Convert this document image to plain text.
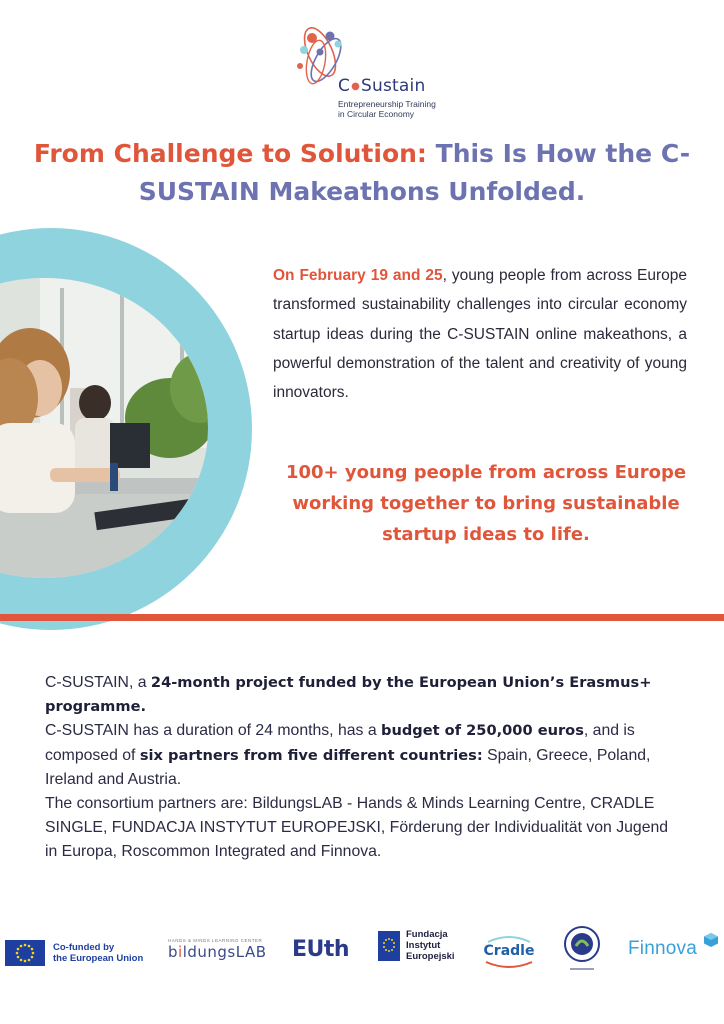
C●Sustain
Entrepreneurship Training
in Circular Economy
From Challenge to Solution: This Is How the C-SUSTAIN Makeathons Unfolded.

On February 19 and 25, young people from across Europe transformed sustainability challenges into circular economy startup ideas during the C-SUSTAIN online makeathons, a powerful demonstration of the talent and creativity of young innovators.

100+ young people from across Europe working together to bring sustainable startup ideas to life.

C-SUSTAIN, a 24-month project funded by the European Union’s Erasmus+ programme.

C-SUSTAIN has a duration of 24 months, has a budget of 250,000 euros, and is composed of six partners from five different countries: Spain, Greece, Poland, Ireland and Austria.

The consortium partners are: BildungsLAB - Hands & Minds Learning Centre, CRADLE SINGLE, FUNDACJA INSTYTUT EUROPEJSKI, Förderung der Individualität von Jugend in Europa, Roscommon Integrated and Finnova.

Co-funded by
the European Union
HANDS & MINDS LEARNING CENTER
bildungsLAB EUth
Fundacja
Instytut
Europejski Cradle	Finnova
